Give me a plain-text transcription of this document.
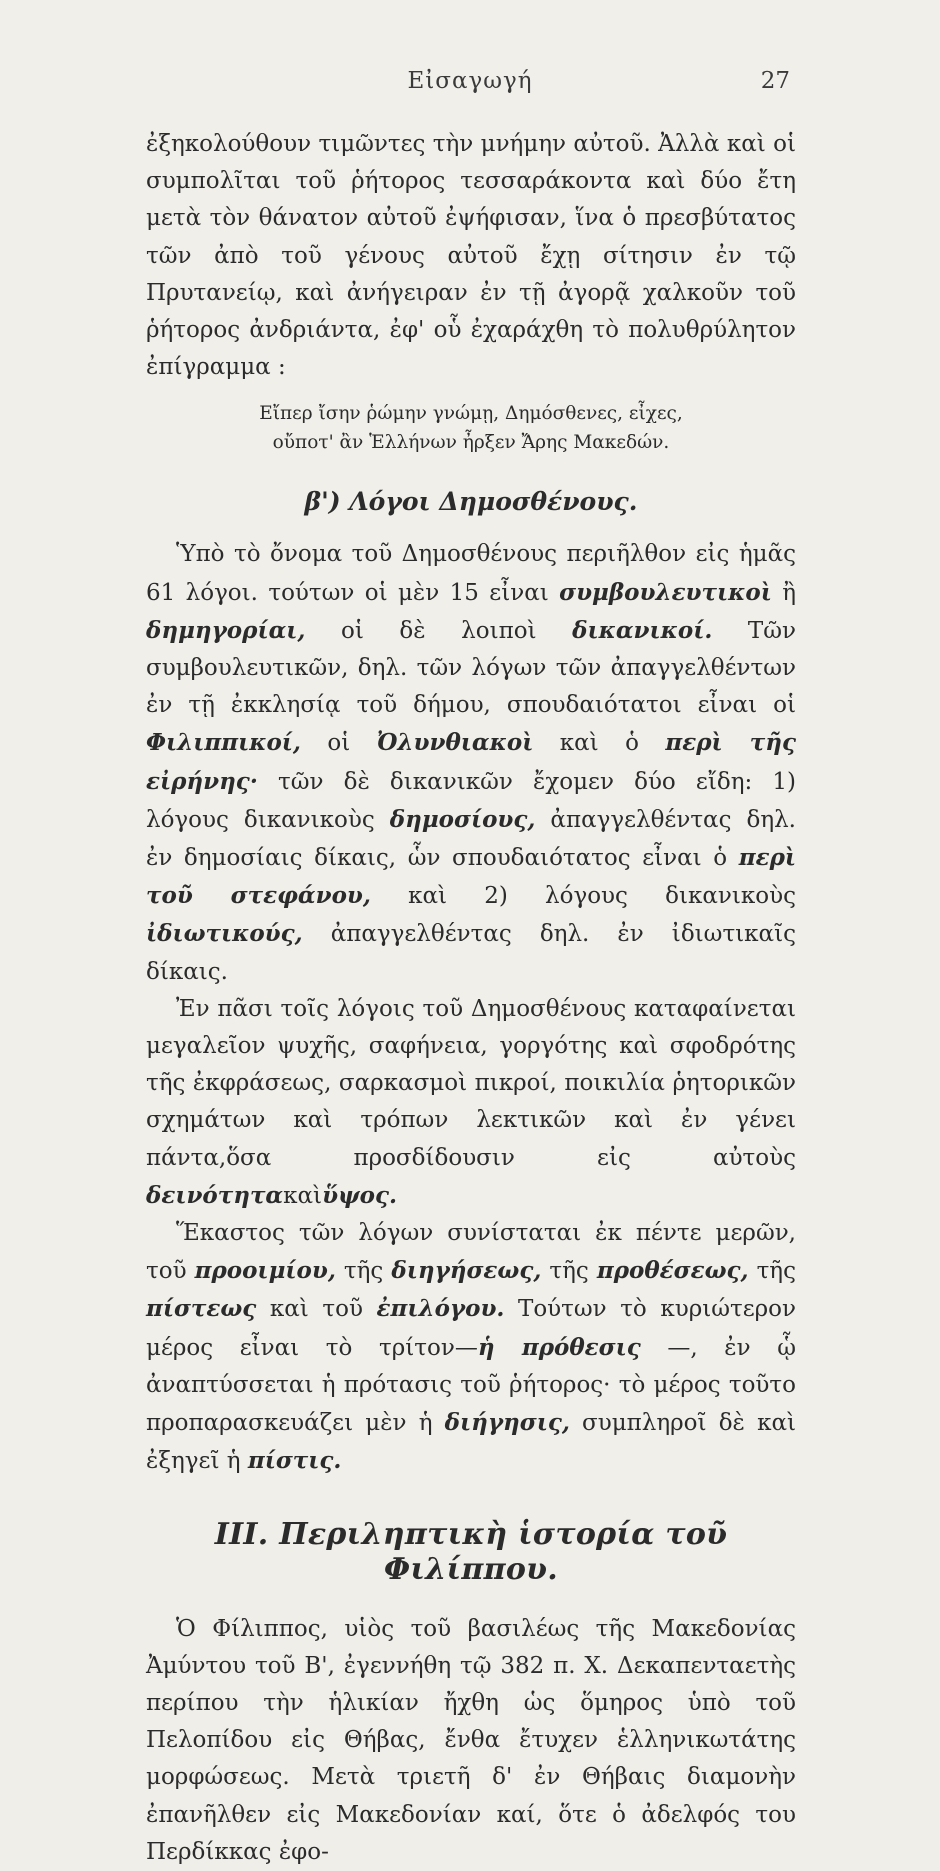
Εἰσαγωγή	27

ἐξηκολούθουν τιμῶντες τὴν μνήμην αὐτοῦ. Ἀλλὰ καὶ οἱ συμπολῖται τοῦ ῥήτορος τεσσαράκοντα καὶ δύο ἔτη μετὰ τὸν θάνατον αὐτοῦ ἐψήφισαν, ἵνα ὁ πρεσβύτατος τῶν ἀπὸ τοῦ γένους αὐτοῦ ἔχῃ σίτησιν ἐν τῷ Πρυτανείῳ, καὶ ἀνήγειραν ἐν τῇ ἀγορᾷ χαλκοῦν τοῦ ῥήτορος ἀνδριάντα, ἐφ' οὗ ἐχαράχθη τὸ πολυθρύλητον ἐπίγραμμα :

Εἴπερ ἴσην ῥώμην γνώμῃ, Δημόσθενες, εἶχες,
οὔποτ' ἂν Ἑλλήνων ἦρξεν Ἄρης Μακεδών.
β') Λόγοι Δημοσθένους.

Ὑπὸ τὸ ὄνομα τοῦ Δημοσθένους περιῆλθον εἰς ἡμᾶς 61 λόγοι. τούτων οἱ μὲν 15 εἶναι συμβουλευτικοὶ ἢ δημηγορίαι, οἱ δὲ λοιποὶ δικανικοί. Τῶν συμβουλευτικῶν, δηλ. τῶν λόγων τῶν ἀπαγγελθέντων ἐν τῇ ἐκκλησίᾳ τοῦ δήμου, σπουδαιότατοι εἶναι οἱ Φιλιππικοί, οἱ Ὀλυνθιακοὶ καὶ ὁ περὶ τῆς εἰρήνης· τῶν δὲ δικανικῶν ἔχομεν δύο εἴδη: 1) λόγους δικανικοὺς δημοσίους, ἀπαγγελθέντας δηλ. ἐν δημοσίαις δίκαις, ὧν σπουδαιότατος εἶναι ὁ περὶ τοῦ στεφάνου, καὶ 2) λόγους δικανικοὺς ἰδιωτικούς, ἀπαγγελθέντας δηλ. ἐν ἰδιωτικαῖς δίκαις.

Ἐν πᾶσι τοῖς λόγοις τοῦ Δημοσθένους καταφαίνεται μεγαλεῖον ψυχῆς, σαφήνεια, γοργότης καὶ σφοδρότης τῆς ἐκφράσεως, σαρκασμοὶ πικροί, ποικιλία ῥητορικῶν σχημάτων καὶ τρόπων λεκτικῶν καὶ ἐν γένει πάντα,ὅσα προσδίδουσιν εἰς αὐτοὺς δεινότητακαὶὕψος.

Ἕκαστος τῶν λόγων συνίσταται ἐκ πέντε μερῶν, τοῦ προοιμίου, τῆς διηγήσεως, τῆς προθέσεως, τῆς πίστεως καὶ τοῦ ἐπιλόγου. Τούτων τὸ κυριώτερον μέρος εἶναι τὸ τρίτον—ἡ πρόθεσις —, ἐν ᾧ ἀναπτύσσεται ἡ πρότασις τοῦ ῥήτορος· τὸ μέρος τοῦτο προπαρασκευάζει μὲν ἡ διήγησις, συμπληροῖ δὲ καὶ ἐξηγεῖ ἡ πίστις.

ΙΙΙ. Περιληπτικὴ ἱστορία τοῦ Φιλίππου.

Ὁ Φίλιππος, υἱὸς τοῦ βασιλέως τῆς Μακεδονίας Ἀμύντου τοῦ Β', ἐγεννήθη τῷ 382 π. Χ. Δεκαπενταετὴς περίπου τὴν ἡλικίαν ἤχθη ὡς ὅμηρος ὑπὸ τοῦ Πελοπίδου εἰς Θήβας, ἔνθα ἔτυχεν ἑλληνικωτάτης μορφώσεως. Μετὰ τριετῆ δ' ἐν Θήβαις διαμονὴν ἐπανῆλθεν εἰς Μακεδονίαν καί, ὅτε ὁ ἀδελφός του Περδίκκας ἐφο-
